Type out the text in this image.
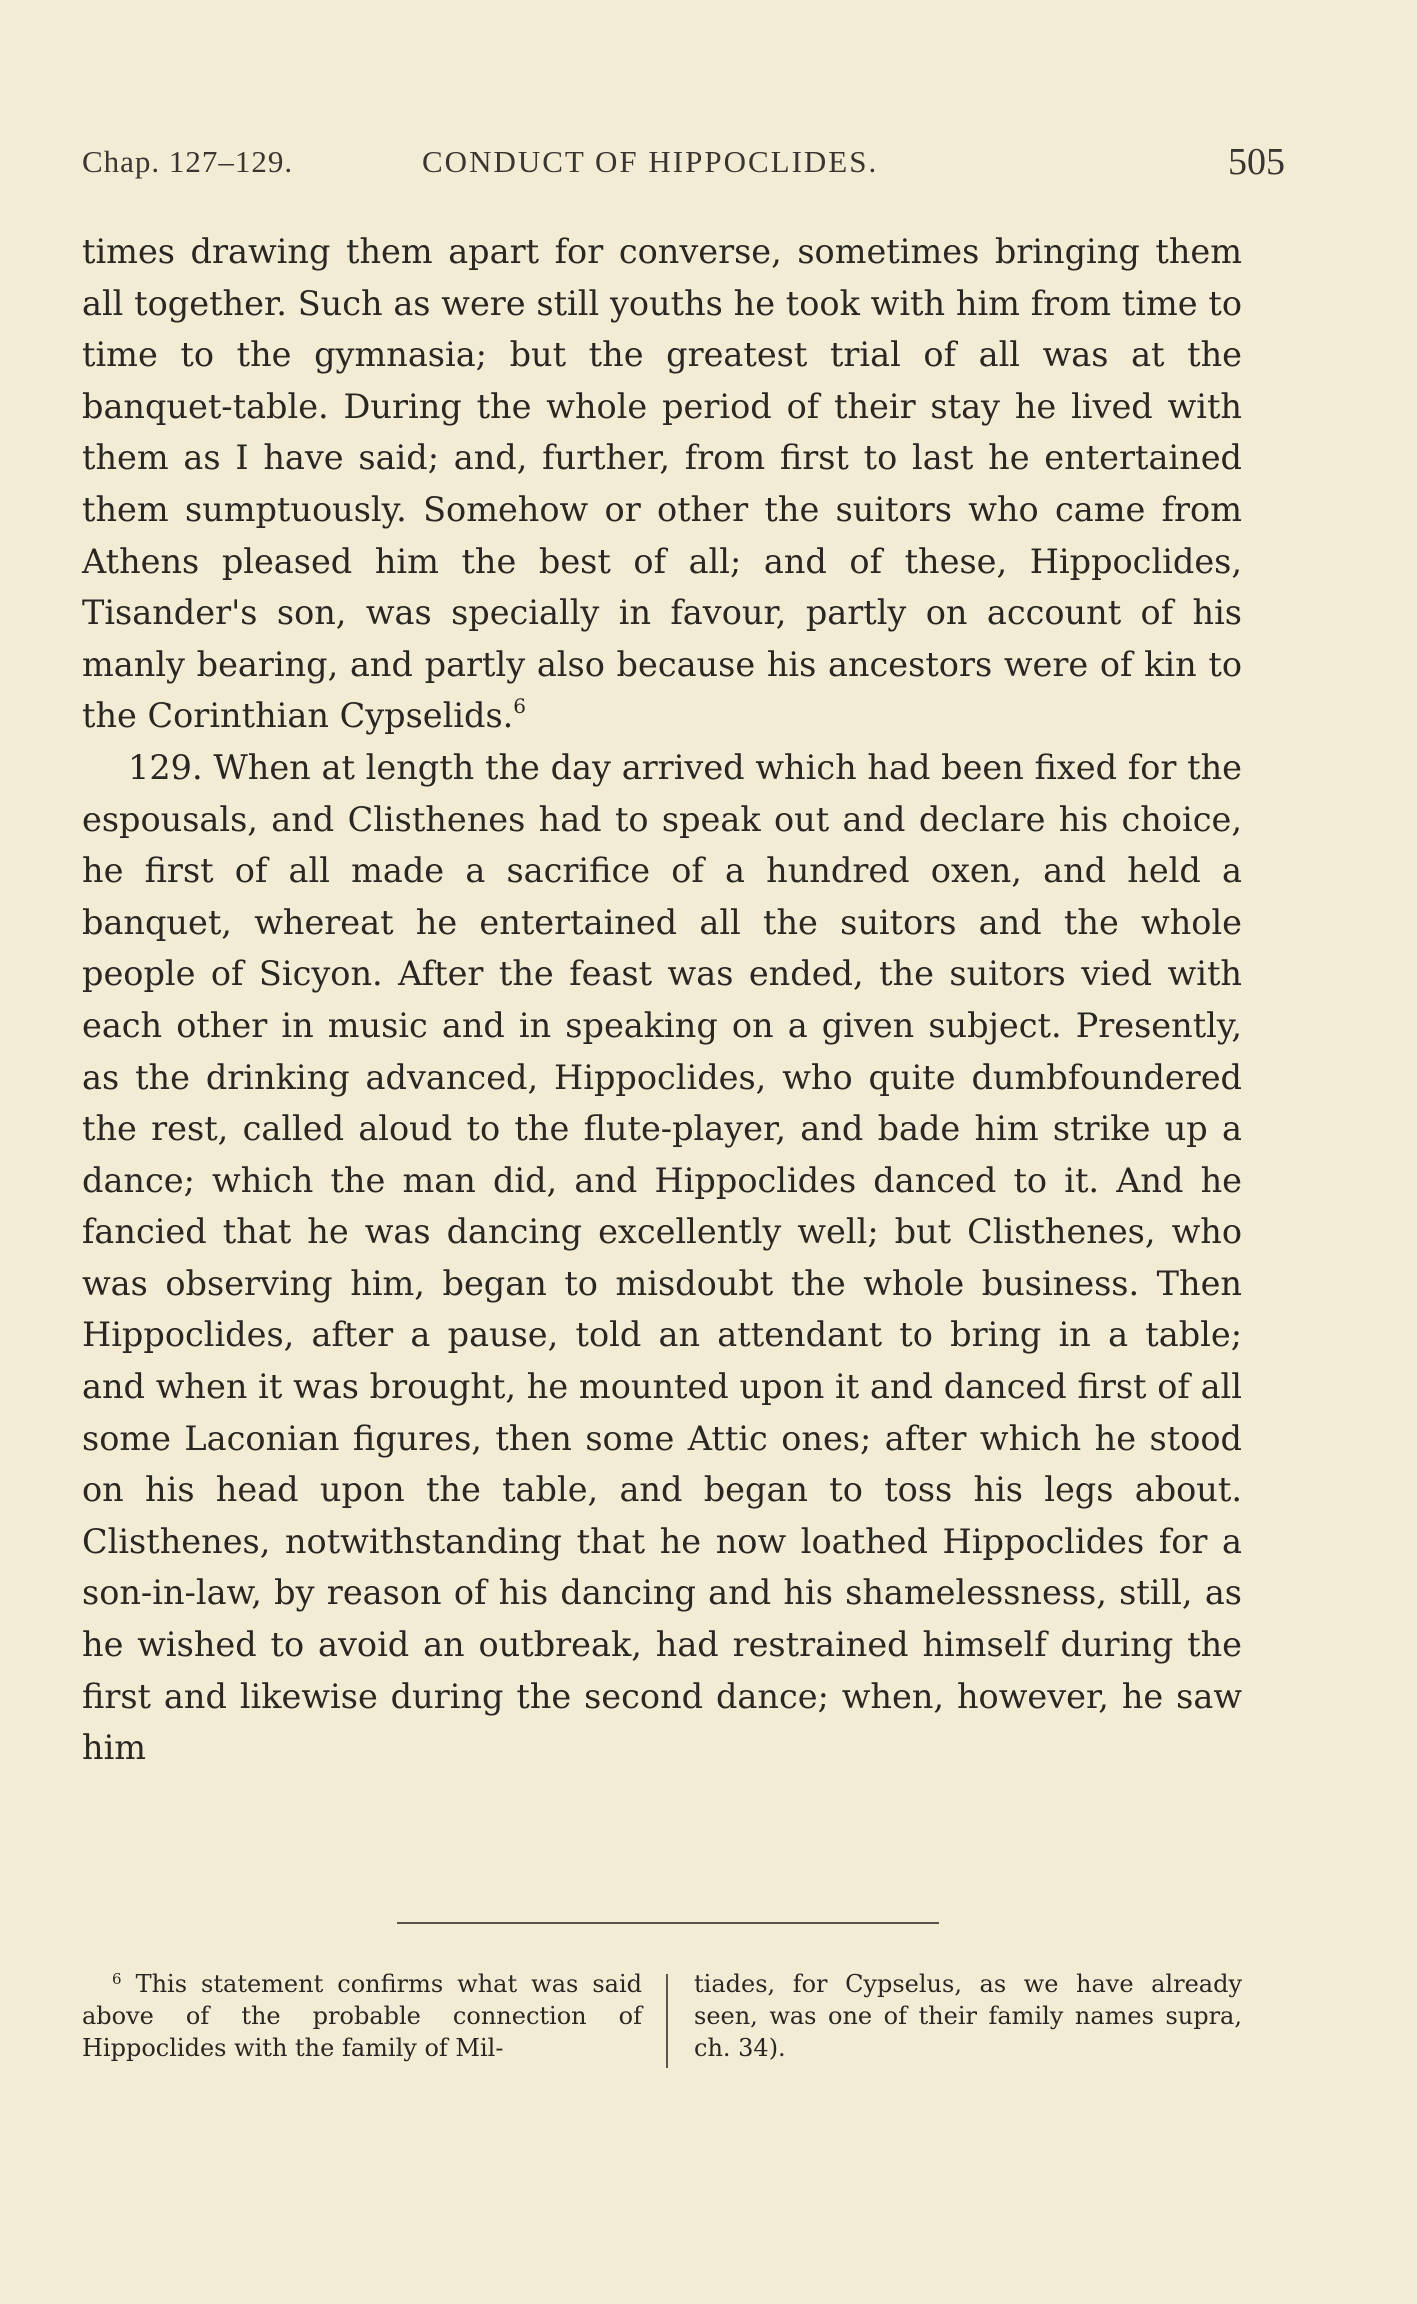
Chap. 127–129.	CONDUCT OF HIPPOCLIDES.	505

times drawing them apart for converse, sometimes bringing them all together. Such as were still youths he took with him from time to time to the gymnasia; but the greatest trial of all was at the banquet-table. During the whole period of their stay he lived with them as I have said; and, further, from first to last he entertained them sumptuously. Somehow or other the suitors who came from Athens pleased him the best of all; and of these, Hippoclides, Tisander's son, was specially in favour, partly on account of his manly bearing, and partly also because his ancestors were of kin to the Corinthian Cypselids.$^6$

129. When at length the day arrived which had been fixed for the espousals, and Clisthenes had to speak out and declare his choice, he first of all made a sacrifice of a hundred oxen, and held a banquet, whereat he entertained all the suitors and the whole people of Sicyon. After the feast was ended, the suitors vied with each other in music and in speaking on a given subject. Presently, as the drinking advanced, Hippoclides, who quite dumbfoundered the rest, called aloud to the flute-player, and bade him strike up a dance; which the man did, and Hippoclides danced to it. And he fancied that he was dancing excellently well; but Clisthenes, who was observing him, began to misdoubt the whole business. Then Hippoclides, after a pause, told an attendant to bring in a table; and when it was brought, he mounted upon it and danced first of all some Laconian figures, then some Attic ones; after which he stood on his head upon the table, and began to toss his legs about. Clisthenes, notwithstanding that he now loathed Hippoclides for a son-in-law, by reason of his dancing and his shamelessness, still, as he wished to avoid an outbreak, had restrained himself during the first and likewise during the second dance; when, however, he saw him

$^6$ This statement confirms what was said above of the probable connection of Hippoclides with the family of Mil-
tiades, for Cypselus, as we have already seen, was one of their family names supra, ch. 34).
